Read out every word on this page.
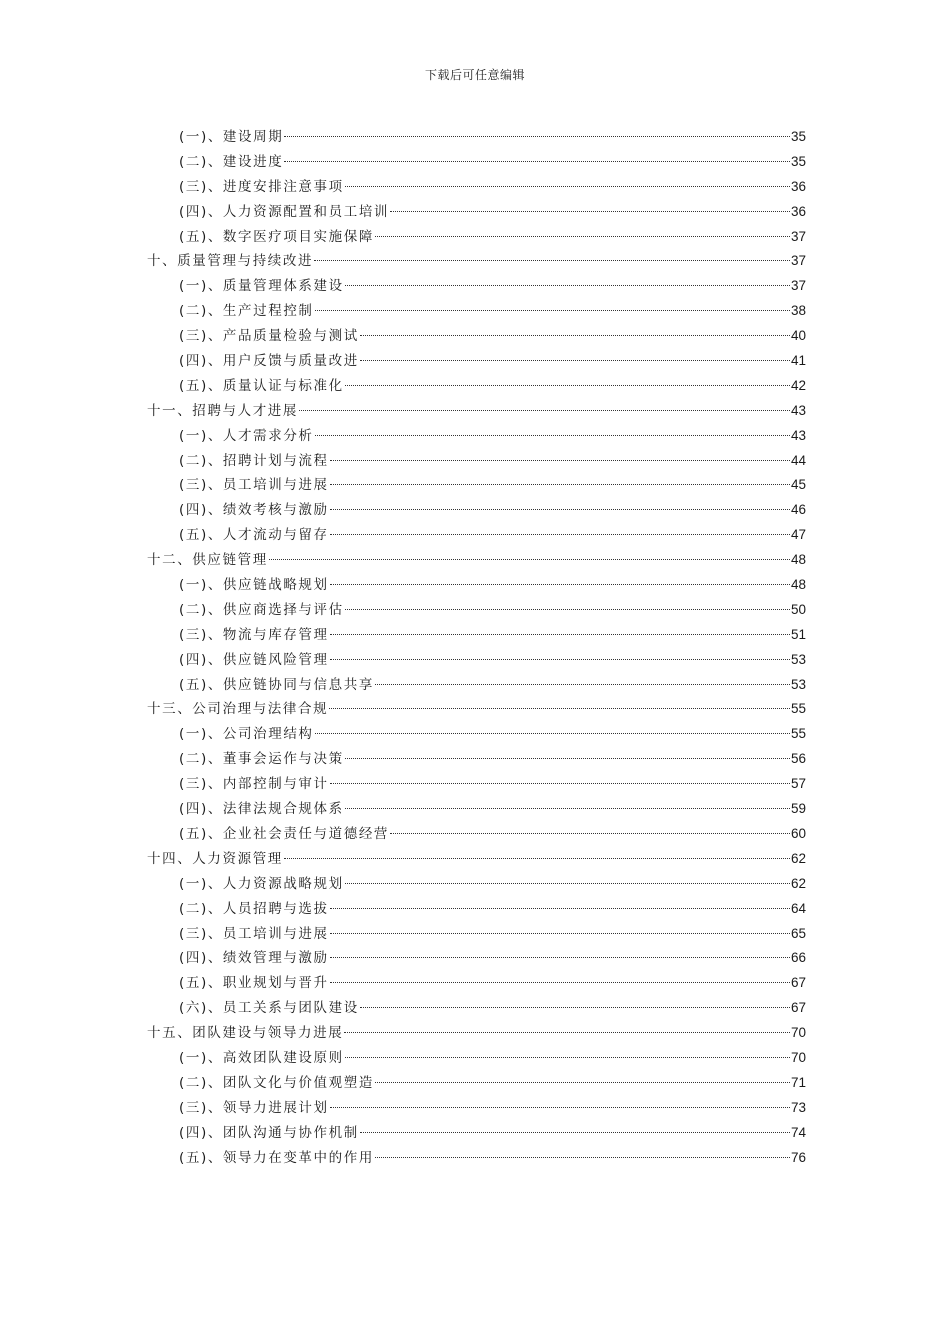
下载后可任意编辑
(一)、建设周期	35
(二)、建设进度	35
(三)、进度安排注意事项	36
(四)、人力资源配置和员工培训	36
(五)、数字医疗项目实施保障	37
十、质量管理与持续改进	37
(一)、质量管理体系建设	37
(二)、生产过程控制	38
(三)、产品质量检验与测试	40
(四)、用户反馈与质量改进	41
(五)、质量认证与标准化	42
十一、招聘与人才进展	43
(一)、人才需求分析	43
(二)、招聘计划与流程	44
(三)、员工培训与进展	45
(四)、绩效考核与激励	46
(五)、人才流动与留存	47
十二、供应链管理	48
(一)、供应链战略规划	48
(二)、供应商选择与评估	50
(三)、物流与库存管理	51
(四)、供应链风险管理	53
(五)、供应链协同与信息共享	53
十三、公司治理与法律合规	55
(一)、公司治理结构	55
(二)、董事会运作与决策	56
(三)、内部控制与审计	57
(四)、法律法规合规体系	59
(五)、企业社会责任与道德经营	60
十四、人力资源管理	62
(一)、人力资源战略规划	62
(二)、人员招聘与选拔	64
(三)、员工培训与进展	65
(四)、绩效管理与激励	66
(五)、职业规划与晋升	67
(六)、员工关系与团队建设	67
十五、团队建设与领导力进展	70
(一)、高效团队建设原则	70
(二)、团队文化与价值观塑造	71
(三)、领导力进展计划	73
(四)、团队沟通与协作机制	74
(五)、领导力在变革中的作用	76
